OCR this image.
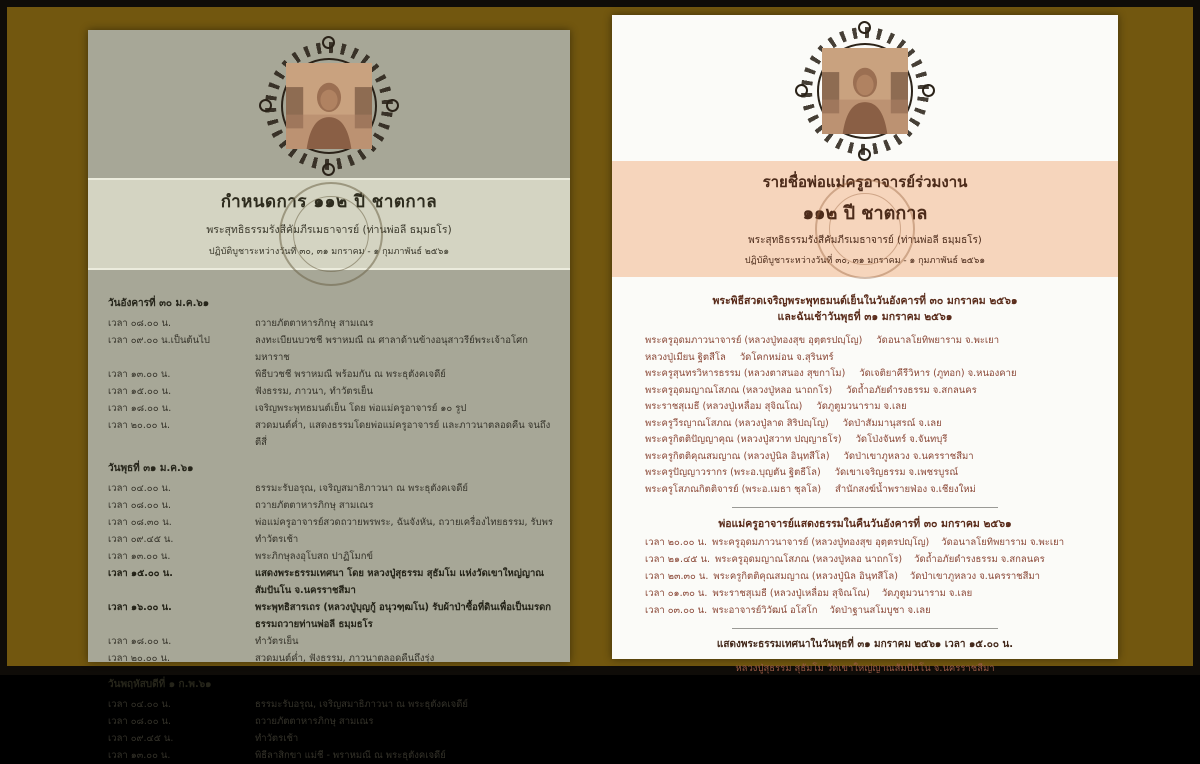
กำหนดการ ๑๑๒ ปี ชาตกาล
พระสุทธิธรรมรังสีคัมภีรเมธาจารย์ (ท่านพ่อลี ธมฺมธโร)
ปฏิบัติบูชาระหว่างวันที่ ๓๐, ๓๑ มกราคม - ๑ กุมภาพันธ์ ๒๕๖๑
วันอังคารที่ ๓๐ ม.ค.๖๑
เวลา ๐๘.๐๐ น.	ถวายภัตตาหารภิกษุ สามเณร
เวลา ๐๙.๐๐ น.เป็นต้นไป	ลงทะเบียนบวชชี พราหมณี ณ ศาลาด้านข้างอนุสาวรีย์พระเจ้าอโศกมหาราช
เวลา ๑๓.๐๐ น.	พิธีบวชชี พราหมณี พร้อมกัน ณ พระธุตังคเจดีย์
เวลา ๑๕.๐๐ น.	ฟังธรรม, ภาวนา, ทำวัตรเย็น
เวลา ๑๘.๐๐ น.	เจริญพระพุทธมนต์เย็น โดย พ่อแม่ครูอาจารย์ ๑๐ รูป
เวลา ๒๐.๐๐ น.	สวดมนต์ค่ำ, แสดงธรรมโดยพ่อแม่ครูอาจารย์ และภาวนาตลอดคืน จนถึงตีสี่
วันพุธที่ ๓๑ ม.ค.๖๑
เวลา ๐๔.๐๐ น.	ธรรมะรับอรุณ, เจริญสมาธิภาวนา ณ พระธุตังคเจดีย์
เวลา ๐๘.๐๐ น.	ถวายภัตตาหารภิกษุ สามเณร
เวลา ๐๘.๓๐ น.	พ่อแม่ครูอาจารย์สวดถวายพรพระ, ฉันจังหัน, ถวายเครื่องไทยธรรม, รับพร
เวลา ๐๙.๔๕ น.	ทำวัตรเช้า
เวลา ๑๓.๐๐ น.	พระภิกษุลงอุโบสถ ปาฏิโมกข์
เวลา ๑๕.๐๐ น.	แสดงพระธรรมเทศนา โดย หลวงปู่สุธรรม สุธัมโม แห่งวัดเขาใหญ่ญาณสัมปันโน จ.นครราชสีมา
เวลา ๑๖.๐๐ น.	พระพุทธิสารเถร (หลวงปู่บุญกู้ อนุวฑฺฒโน) รับผ้าป่าซื้อที่ดินเพื่อเป็นมรดกธรรมถวายท่านพ่อลี ธมฺมธโร
เวลา ๑๘.๐๐ น.	ทำวัตรเย็น
เวลา ๒๐.๐๐ น.	สวดมนต์ค่ำ, ฟังธรรม, ภาวนาตลอดคืนถึงรุ่ง
วันพฤหัสบดีที่ ๑ ก.พ.๖๑
เวลา ๐๔.๐๐ น.	ธรรมะรับอรุณ, เจริญสมาธิภาวนา ณ พระธุตังคเจดีย์
เวลา ๐๘.๐๐ น.	ถวายภัตตาหารภิกษุ สามเณร
เวลา ๐๙.๔๕ น.	ทำวัตรเช้า
เวลา ๑๓.๐๐ น.	พิธีลาสิกขา แม่ชี - พราหมณี ณ พระธุตังคเจดีย์
รายชื่อพ่อแม่ครูอาจารย์ร่วมงาน
๑๑๒ ปี ชาตกาล
พระสุทธิธรรมรังสีคัมภีรเมธาจารย์ (ท่านพ่อลี ธมฺมธโร)
ปฏิบัติบูชาระหว่างวันที่ ๓๐, ๓๑ มกราคม - ๑ กุมภาพันธ์ ๒๕๖๑
พระพิธีสวดเจริญพระพุทธมนต์เย็นในวันอังคารที่ ๓๐ มกราคม ๒๕๖๑
และฉันเช้าวันพุธที่ ๓๑ มกราคม ๒๕๖๑
พระครูอุดมภาวนาจารย์ (หลวงปู่ทองสุข อุตฺตรปญฺโญ) วัดอนาลโยทิพยาราม จ.พะเยา
หลวงปู่เมียน ฐิตสีโล วัดโคกหม่อน จ.สุรินทร์
พระครูสุนทรวิหารธรรม (หลวงตาสนอง สุขกาโม) วัดเจติยาคีรีวิหาร (ภูทอก) จ.หนองคาย
พระครูอุดมญาณโสภณ (หลวงปู่หลอ นาถกโร) วัดถ้ำอภัยดำรงธรรม จ.สกลนคร
พระราชสุเมธี (หลวงปู่เหลื่อม สุจิณโณ) วัดภูตูมวนาราม จ.เลย
พระครูวีรญาณโสภณ (หลวงปู่ลาด สิริปญฺโญ) วัดป่าสัมมานุสรณ์ จ.เลย
พระครูกิตติปัญญาคุณ (หลวงปู่สวาท ปญฺญาธโร) วัดโป่งจันทร์ จ.จันทบุรี
พระครูกิตติคุณสมญาณ (หลวงปู่นิล อินฺทสีโล) วัดป่าเขาภูหลวง จ.นครราชสีมา
พระครูปัญญาวรากร (พระอ.บุญตัน ฐิตธีโล) วัดเขาเจริญธรรม จ.เพชรบูรณ์
พระครูโสภณกิตติจารย์ (พระอ.เมธา ชุลโล) สำนักสงฆ์น้ำพรายฟ่อง จ.เชียงใหม่
พ่อแม่ครูอาจารย์แสดงธรรมในคืนวันอังคารที่ ๓๐ มกราคม ๒๕๖๑
เวลา ๒๐.๐๐ น. พระครูอุดมภาวนาจารย์ (หลวงปู่ทองสุข อุตฺตรปญฺโญ) วัดอนาลโยทิพยาราม จ.พะเยา
เวลา ๒๑.๔๕ น. พระครูอุดมญาณโสภณ (หลวงปู่หลอ นาถกโร) วัดถ้ำอภัยดำรงธรรม จ.สกลนคร
เวลา ๒๓.๓๐ น. พระครูกิตติคุณสมญาณ (หลวงปู่นิล อินฺทสีโล) วัดป่าเขาภูหลวง จ.นครราชสีมา
เวลา ๐๑.๓๐ น. พระราชสุเมธี (หลวงปู่เหลื่อม สุจิณโณ) วัดภูตูมวนาราม จ.เลย
เวลา ๐๓.๐๐ น. พระอาจารย์วิวัฒน์ อโสโก วัดป่าฐานสโมบูชา จ.เลย
แสดงพระธรรมเทศนาในวันพุธที่ ๓๑ มกราคม ๒๕๖๑ เวลา ๑๕.๐๐ น.
หลวงปู่สุธรรม สุธัมโม วัดเขาใหญ่ญาณสัมปันโน จ.นครราชสีมา
